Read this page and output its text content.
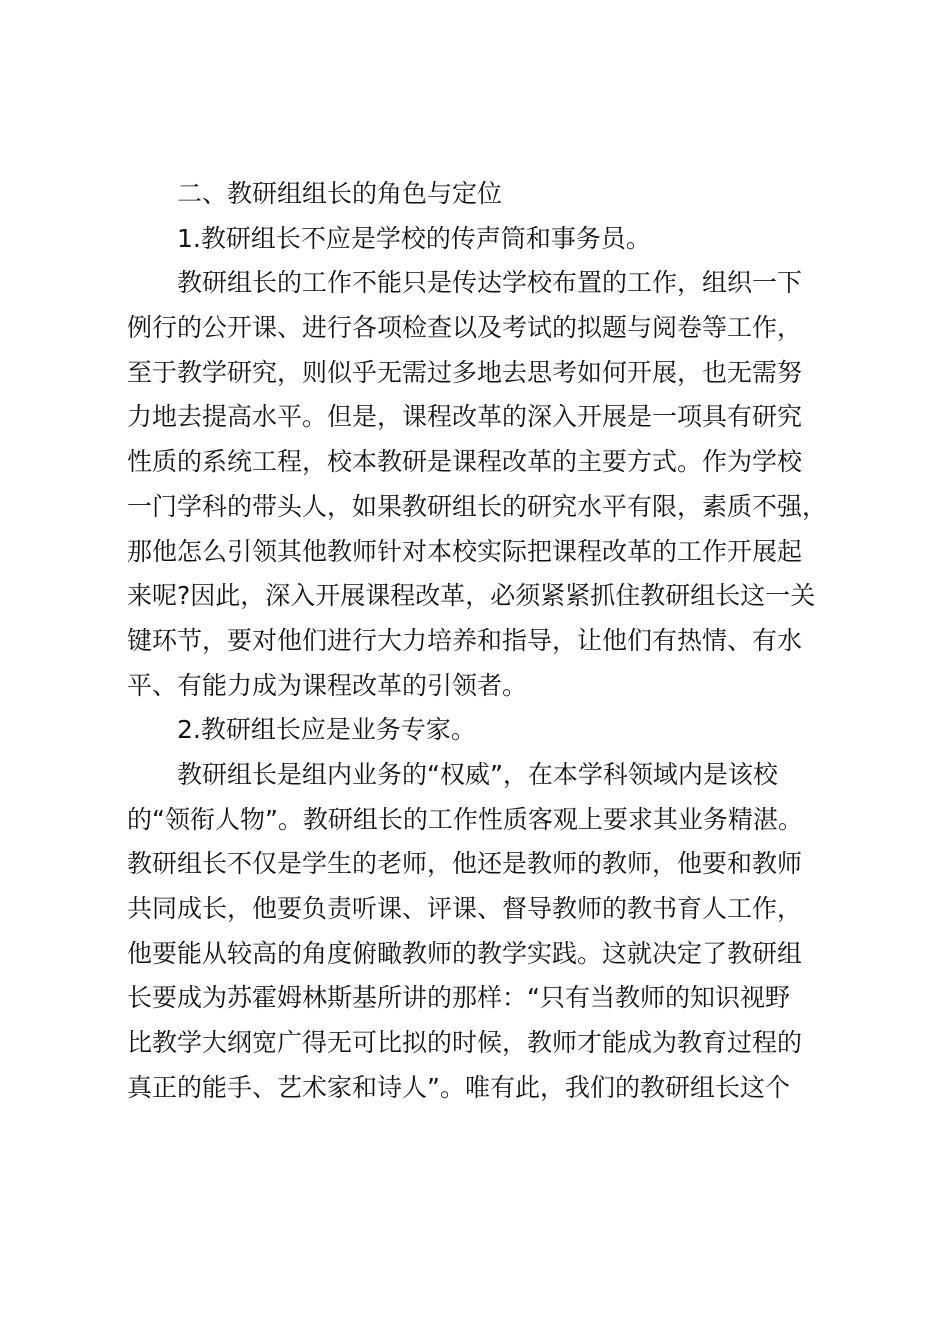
二、教研组组长的角色与定位
1.教研组长不应是学校的传声筒和事务员。
教研组长的工作不能只是传达学校布置的工作，组织一下
例行的公开课、进行各项检查以及考试的拟题与阅卷等工作，
至于教学研究，则似乎无需过多地去思考如何开展，也无需努
力地去提高水平。但是，课程改革的深入开展是一项具有研究
性质的系统工程，校本教研是课程改革的主要方式。作为学校
一门学科的带头人，如果教研组长的研究水平有限，素质不强，
那他怎么引领其他教师针对本校实际把课程改革的工作开展起
来呢?因此，深入开展课程改革，必须紧紧抓住教研组长这一关
键环节，要对他们进行大力培养和指导，让他们有热情、有水
平、有能力成为课程改革的引领者。
2.教研组长应是业务专家。
教研组长是组内业务的“权威”，在本学科领域内是该校
的“领衔人物”。教研组长的工作性质客观上要求其业务精湛。
教研组长不仅是学生的老师，他还是教师的教师，他要和教师
共同成长，他要负责听课、评课、督导教师的教书育人工作，
他要能从较高的角度俯瞰教师的教学实践。这就决定了教研组
长要成为苏霍姆林斯基所讲的那样：“只有当教师的知识视野
比教学大纲宽广得无可比拟的时候，教师才能成为教育过程的
真正的能手、艺术家和诗人”。唯有此，我们的教研组长这个
